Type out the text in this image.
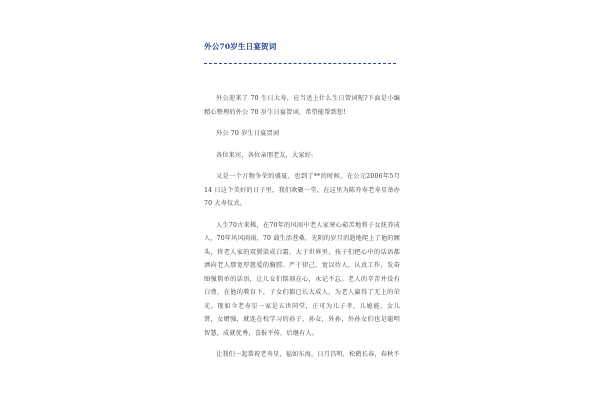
外公70岁生日宴贺词

外公迎来了 70 生日大寿，应当送上什么生日贺词呢?下面是小编精心整理的外公 70 岁生日宴贺词，希望能帮到您!

外公 70 岁生日宴贺词

各位来宾，各位亲朋老友，大家好:

又是一个万物争荣的盛夏，也到了**的时候，在公元2006年5月14 日这个美好的日子里，我们欢聚一堂，在这里为陈乔寿老寿星举办70 大寿仪式。

人生70古来稀，在70年的风雨中老人家寒心茹苦地将子女抚养成人，70年风风雨雨，70 载生活苍桑，光阴的岁月消逝地爬上了他的额头，将老人家的双鬓染成白霜。大于世界里，孩子们把心中的话语都洒向老人那宽厚慈爱的胸膛。严于律己，宽以待人，认真工作，发奋图强简单的话语，让儿女们铭刻在心，永记不忘。老人的辛苦并没有白费，在他的教育下，子女们都已长大成人，为老人赢得了无上的荣光。现如今老寿星一家是五世同堂，正可为儿子孝，儿媳能，女儿贤，女婿强，就连在校学习的孙子，孙女，外孙，外孙女们也是聪明智慧，成就优秀，喜报平传，后继有人。

让我们一起恭祝老寿星，福如东海，日月昌明，松鹤长春，春秋不
